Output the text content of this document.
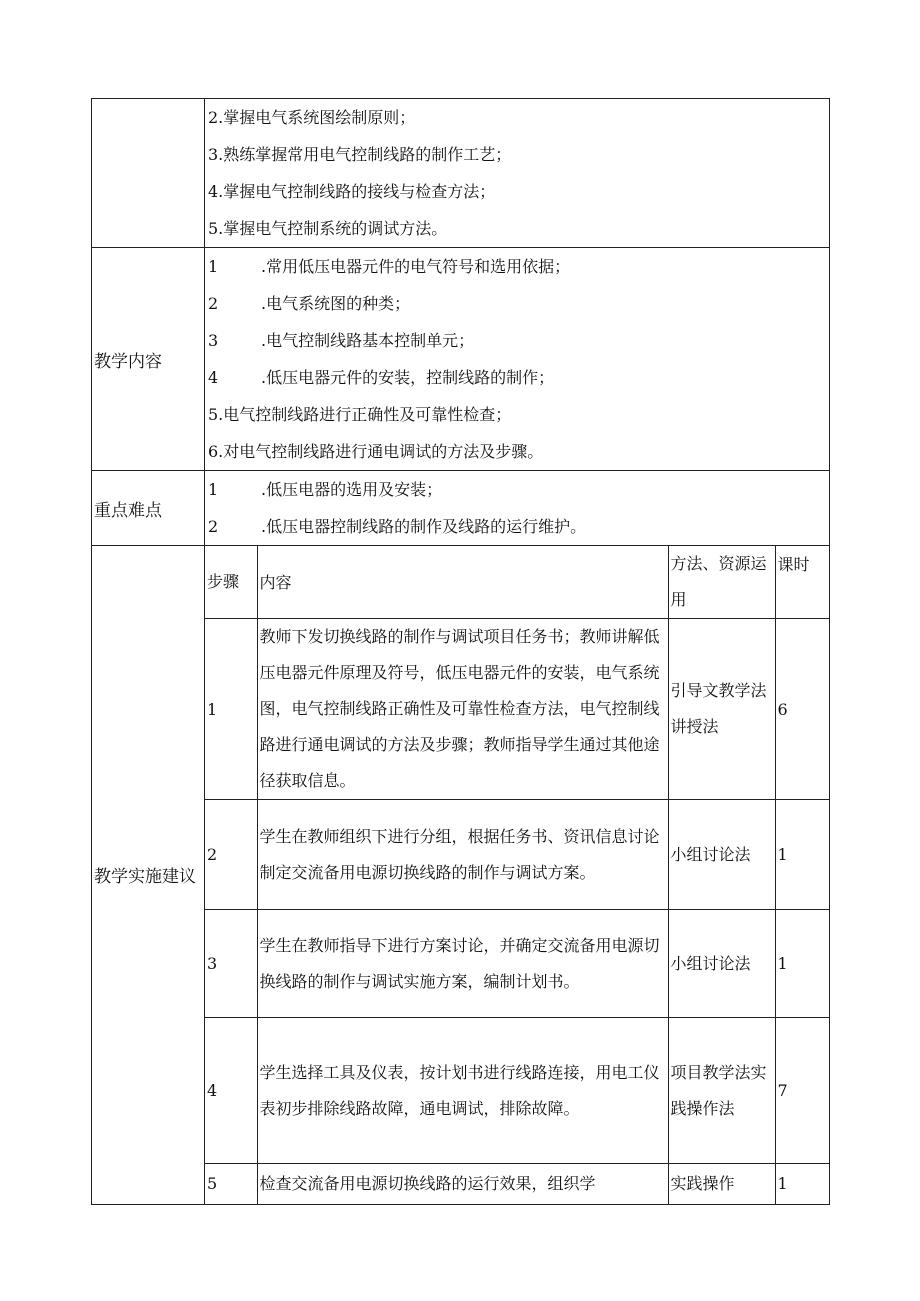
2.掌握电气系统图绘制原则；
3.熟练掌握常用电气控制线路的制作工艺；
4.掌握电气控制线路的接线与检查方法；
5.掌握电气控制系统的调试方法。

教学内容	
1	.常用低压电器元件的电气符号和选用依据；
2	.电气系统图的种类；
3	.电气控制线路基本控制单元；
4	.低压电器元件的安装，控制线路的制作；
5.电气控制线路进行正确性及可靠性检查；
6.对电气控制线路进行通电调试的方法及步骤。

重点难点	
1	.低压电器的选用及安装；
2	.低压电器控制线路的制作及线路的运行维护。

教学实施建议	
步骤	内容	方法、资源运用	课时
1	教师下发切换线路的制作与调试项目任务书；教师讲解低压电器元件原理及符号，低压电器元件的安装，电气系统图，电气控制线路正确性及可靠性检查方法，电气控制线路进行通电调试的方法及步骤；教师指导学生通过其他途径获取信息。	引导文教学法讲授法	6
2	学生在教师组织下进行分组，根据任务书、资讯信息讨论制定交流备用电源切换线路的制作与调试方案。	小组讨论法	1
3	学生在教师指导下进行方案讨论，并确定交流备用电源切换线路的制作与调试实施方案，编制计划书。	小组讨论法	1
4	学生选择工具及仪表，按计划书进行线路连接，用电工仪表初步排除线路故障，通电调试，排除故障。	项目教学法实践操作法	7
5	检查交流备用电源切换线路的运行效果，组织学	实践操作	1
